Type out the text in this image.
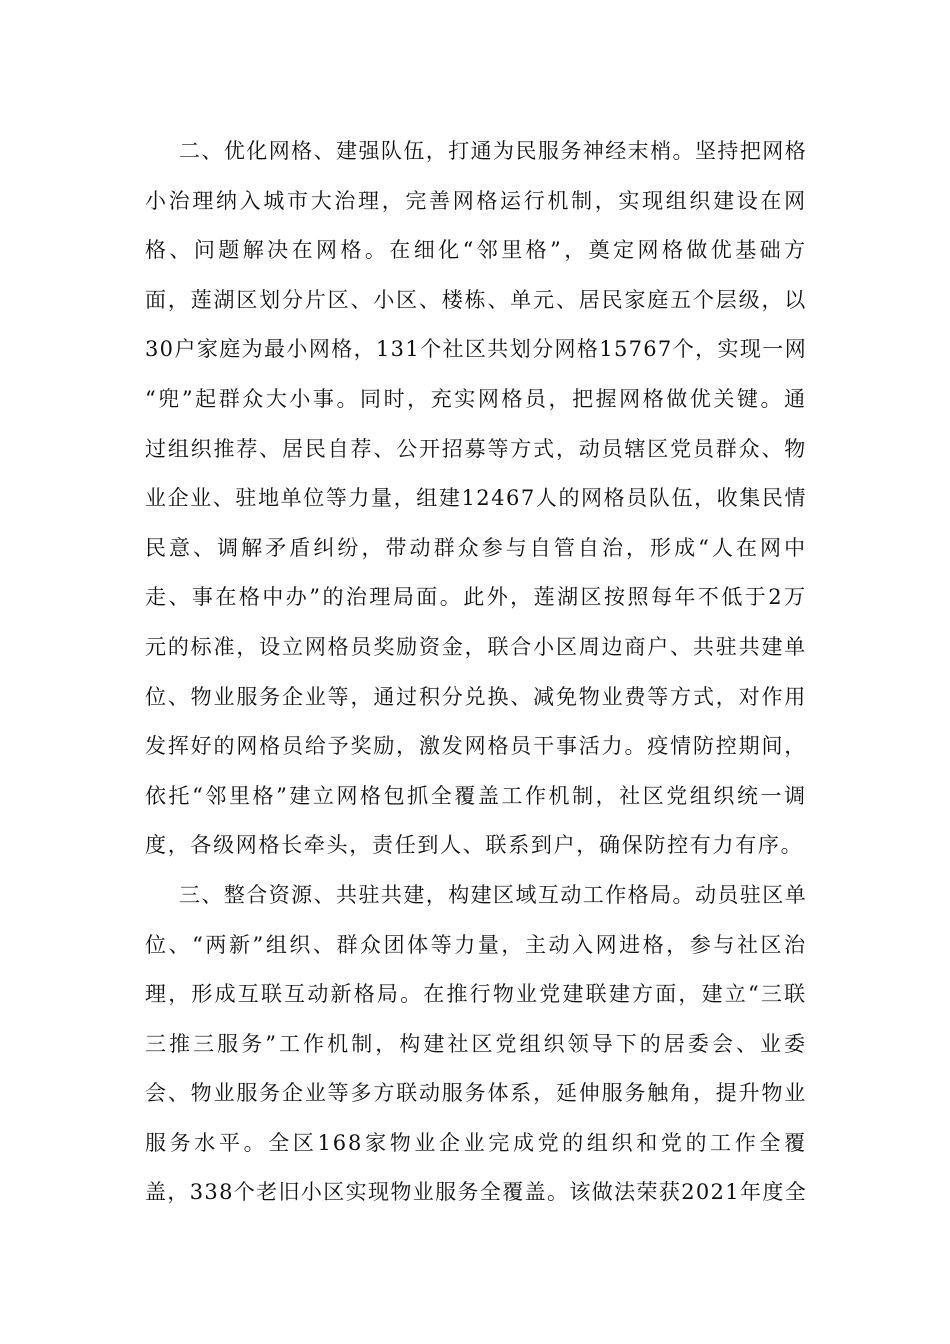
二、优化网格、建强队伍，打通为民服务神经末梢。坚持把网格
小治理纳入城市大治理，完善网格运行机制，实现组织建设在网
格、问题解决在网格。在细化“邻里格”，奠定网格做优基础方
面，莲湖区划分片区、小区、楼栋、单元、居民家庭五个层级，以
30户家庭为最小网格，131个社区共划分网格15767个，实现一网
“兜”起群众大小事。同时，充实网格员，把握网格做优关键。通
过组织推荐、居民自荐、公开招募等方式，动员辖区党员群众、物
业企业、驻地单位等力量，组建12467人的网格员队伍，收集民情
民意、调解矛盾纠纷，带动群众参与自管自治，形成“人在网中
走、事在格中办”的治理局面。此外，莲湖区按照每年不低于2万
元的标准，设立网格员奖励资金，联合小区周边商户、共驻共建单
位、物业服务企业等，通过积分兑换、减免物业费等方式，对作用
发挥好的网格员给予奖励，激发网格员干事活力。疫情防控期间，
依托“邻里格”建立网格包抓全覆盖工作机制，社区党组织统一调
度，各级网格长牵头，责任到人、联系到户，确保防控有力有序。
三、整合资源、共驻共建，构建区域互动工作格局。动员驻区单
位、“两新”组织、群众团体等力量，主动入网进格，参与社区治
理，形成互联互动新格局。在推行物业党建联建方面，建立“三联
三推三服务”工作机制，构建社区党组织领导下的居委会、业委
会、物业服务企业等多方联动服务体系，延伸服务触角，提升物业
服务水平。全区168家物业企业完成党的组织和党的工作全覆
盖，338个老旧小区实现物业服务全覆盖。该做法荣获2021年度全
